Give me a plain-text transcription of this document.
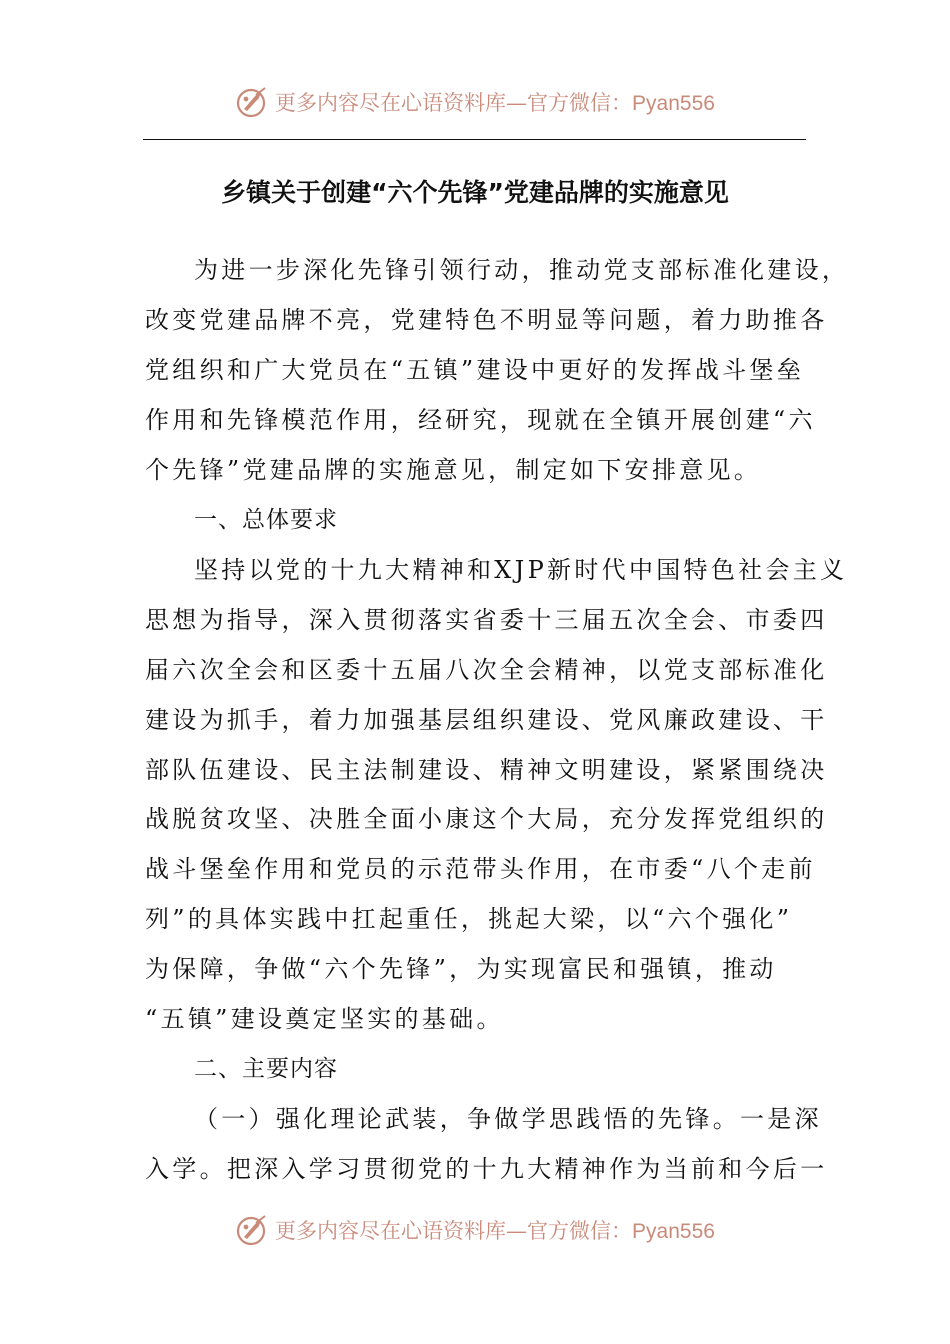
更多内容尽在心语资料库—官方微信：Pyan556
乡镇关于创建“六个先锋”党建品牌的实施意见
为进一步深化先锋引领行动，推动党支部标准化建设，
改变党建品牌不亮，党建特色不明显等问题，着力助推各
党组织和广大党员在“五镇”建设中更好的发挥战斗堡垒
作用和先锋模范作用，经研究，现就在全镇开展创建“六
个先锋”党建品牌的实施意见，制定如下安排意见。
一、总体要求
坚持以党的十九大精神和XJP新时代中国特色社会主义
思想为指导，深入贯彻落实省委十三届五次全会、市委四
届六次全会和区委十五届八次全会精神，以党支部标准化
建设为抓手，着力加强基层组织建设、党风廉政建设、干
部队伍建设、民主法制建设、精神文明建设，紧紧围绕决
战脱贫攻坚、决胜全面小康这个大局，充分发挥党组织的
战斗堡垒作用和党员的示范带头作用，在市委“八个走前
列”的具体实践中扛起重任，挑起大梁，以“六个强化”
为保障，争做“六个先锋”，为实现富民和强镇，推动
“五镇”建设奠定坚实的基础。
二、主要内容
（一）强化理论武装，争做学思践悟的先锋。一是深
入学。把深入学习贯彻党的十九大精神作为当前和今后一
更多内容尽在心语资料库—官方微信：Pyan556
